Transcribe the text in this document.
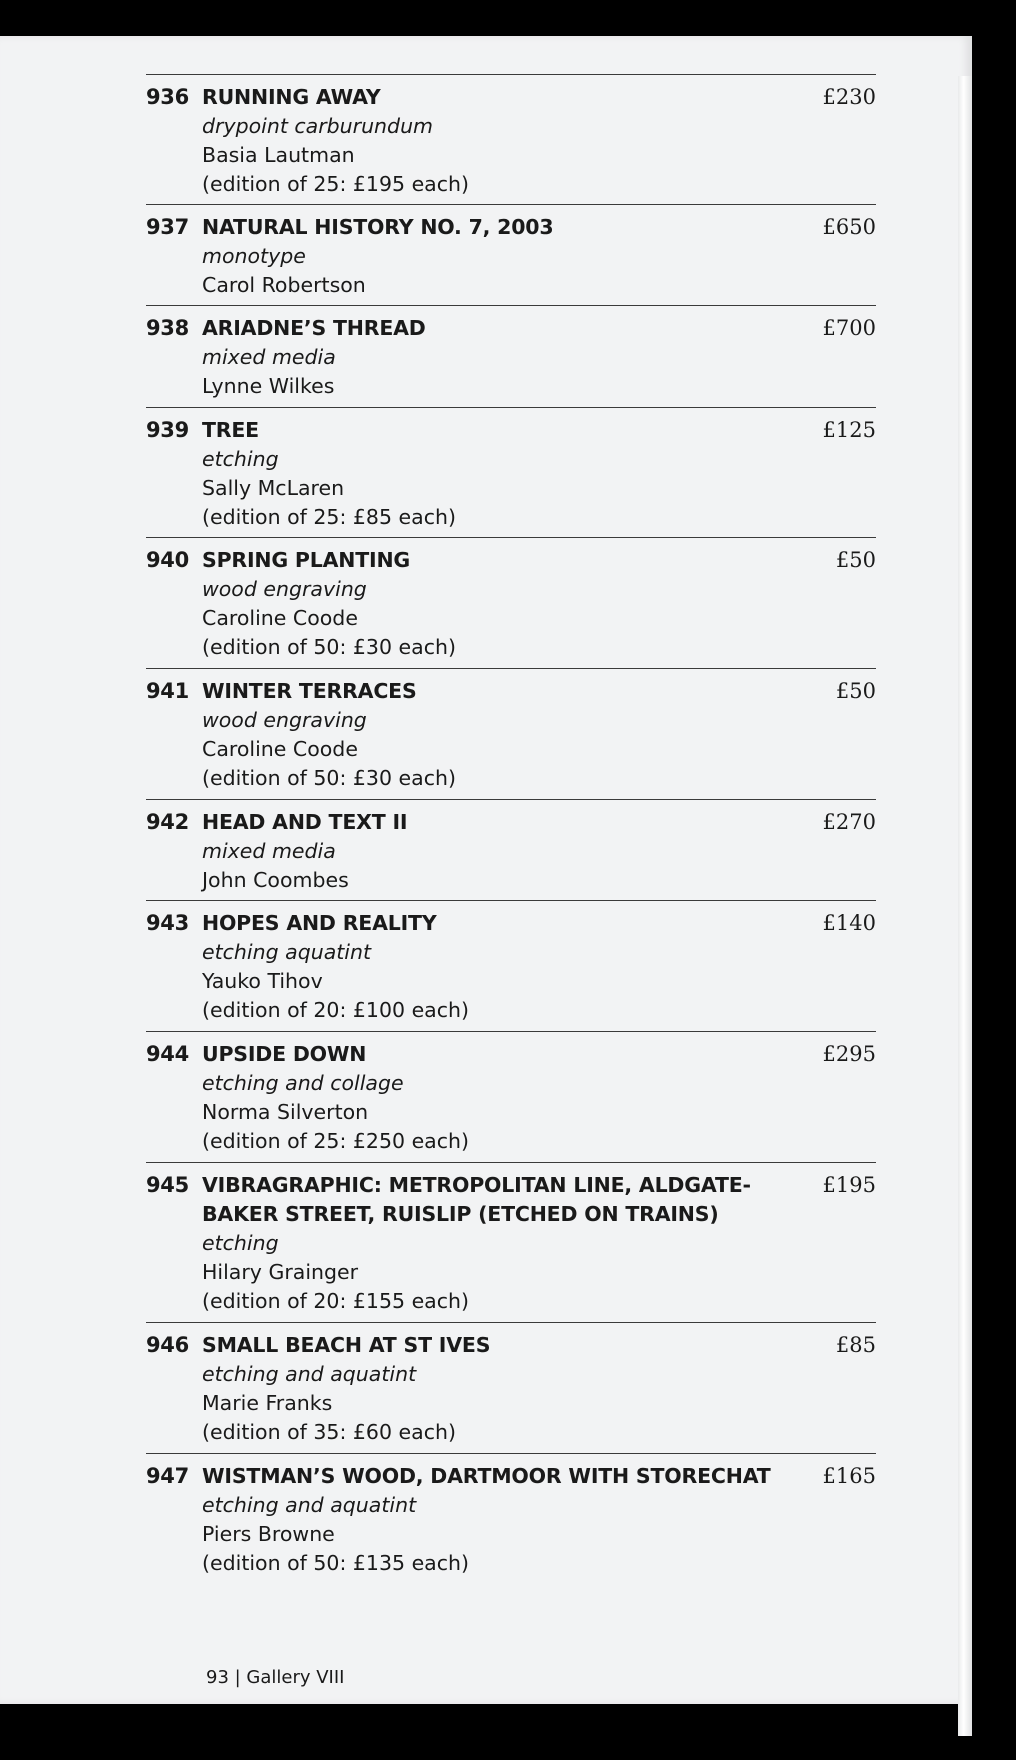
936 RUNNING AWAY
drypoint carburundum
Basia Lautman
(edition of 25: £195 each)
£230
937 NATURAL HISTORY NO. 7, 2003
monotype
Carol Robertson
£650
938 ARIADNE’S THREAD
mixed media
Lynne Wilkes
£700
939 TREE
etching
Sally McLaren
(edition of 25: £85 each)
£125
940 SPRING PLANTING
wood engraving
Caroline Coode
(edition of 50: £30 each)
£50
941 WINTER TERRACES
wood engraving
Caroline Coode
(edition of 50: £30 each)
£50
942 HEAD AND TEXT II
mixed media
John Coombes
£270
943 HOPES AND REALITY
etching aquatint
Yauko Tihov
(edition of 20: £100 each)
£140
944 UPSIDE DOWN
etching and collage
Norma Silverton
(edition of 25: £250 each)
£295
945 VIBRAGRAPHIC: METROPOLITAN LINE, ALDGATE-BAKER STREET, RUISLIP (ETCHED ON TRAINS)
etching
Hilary Grainger
(edition of 20: £155 each)
£195
946 SMALL BEACH AT ST IVES
etching and aquatint
Marie Franks
(edition of 35: £60 each)
£85
947 WISTMAN’S WOOD, DARTMOOR WITH STORECHAT
etching and aquatint
Piers Browne
(edition of 50: £135 each)
£165
93 | Gallery VIII
